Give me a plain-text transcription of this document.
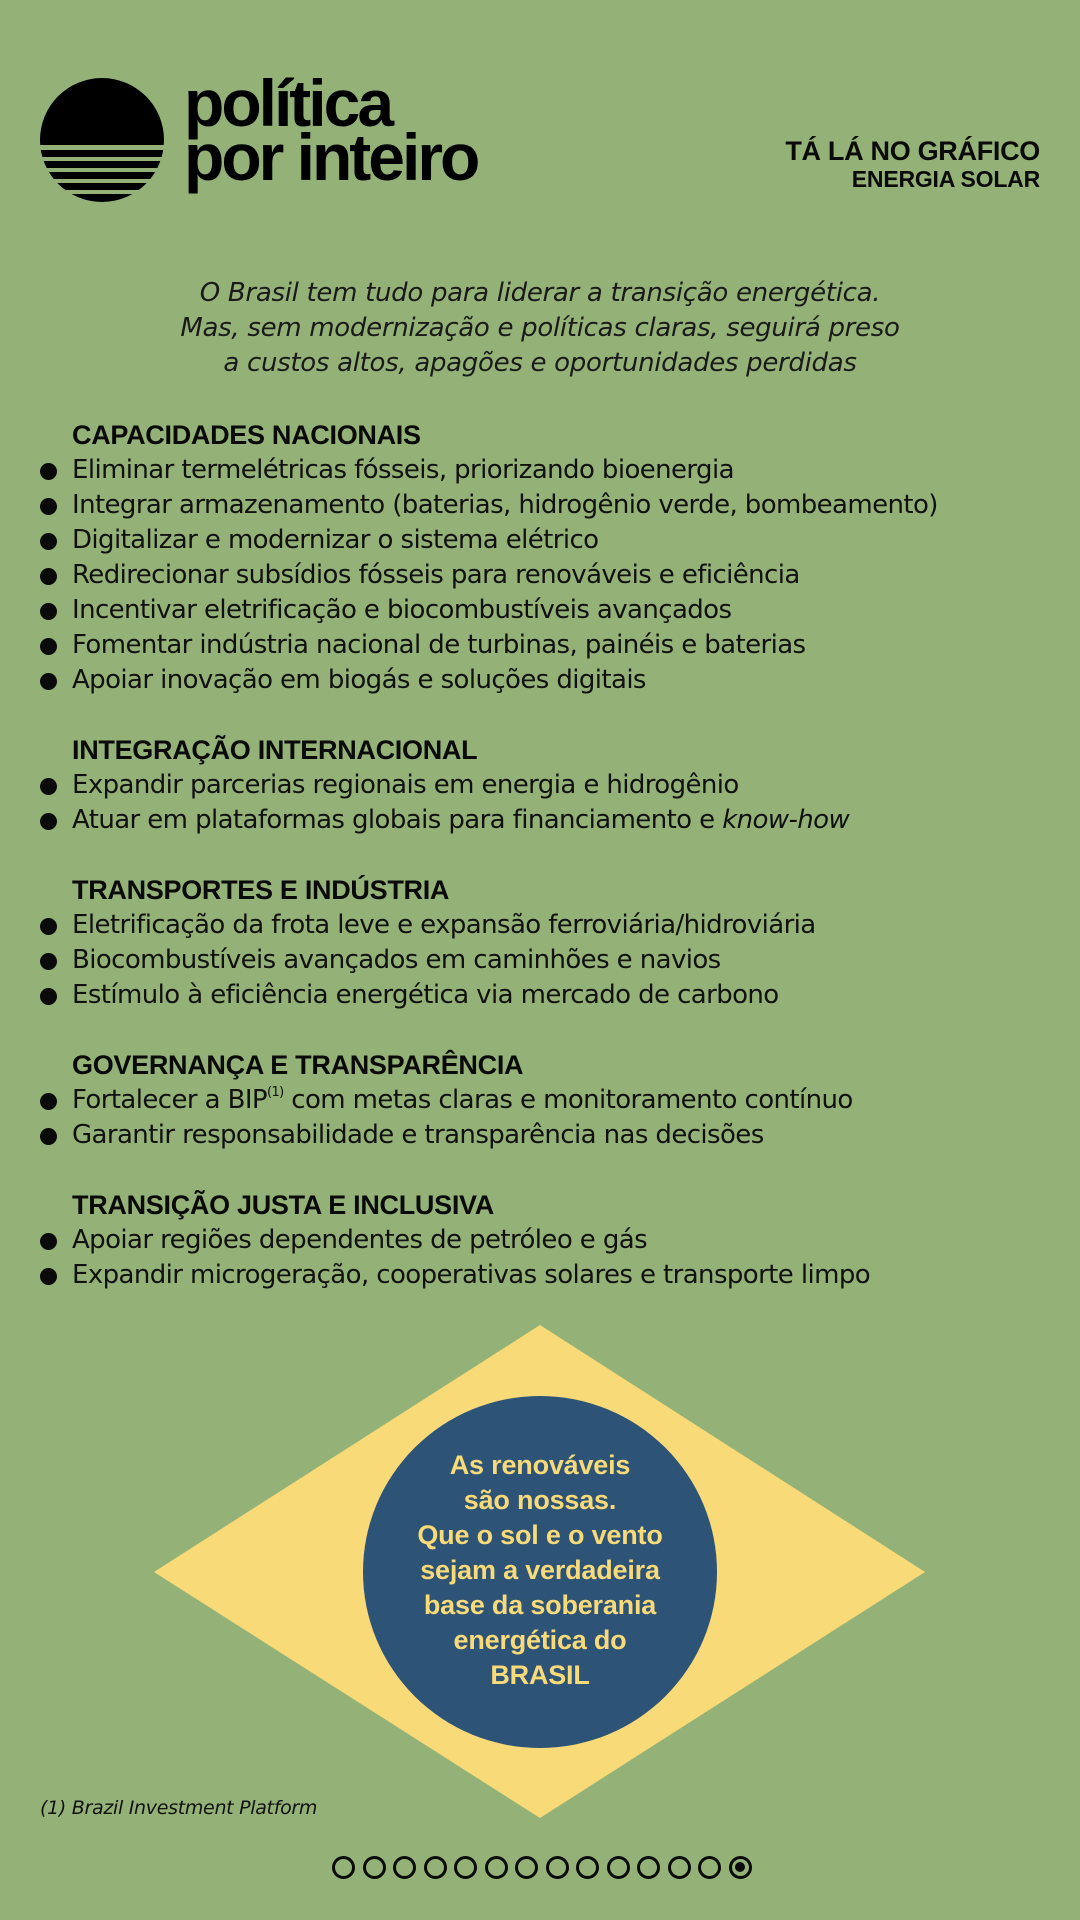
política
por inteiro	TÁ LÁ NO GRÁFICO
ENERGIA SOLAR
O Brasil tem tudo para liderar a transição energética.
Mas, sem modernização e políticas claras, seguirá preso
a custos altos, apagões e oportunidades perdidas
CAPACIDADES NACIONAIS
Eliminar termelétricas fósseis, priorizando bioenergia
Integrar armazenamento (baterias, hidrogênio verde, bombeamento)
Digitalizar e modernizar o sistema elétrico
Redirecionar subsídios fósseis para renováveis e eficiência
Incentivar eletrificação e biocombustíveis avançados
Fomentar indústria nacional de turbinas, painéis e baterias
Apoiar inovação em biogás e soluções digitais
INTEGRAÇÃO INTERNACIONAL
Expandir parcerias regionais em energia e hidrogênio
Atuar em plataformas globais para financiamento e know-how
TRANSPORTES E INDÚSTRIA
Eletrificação da frota leve e expansão ferroviária/hidroviária
Biocombustíveis avançados em caminhões e navios
Estímulo à eficiência energética via mercado de carbono
GOVERNANÇA E TRANSPARÊNCIA
Fortalecer a BIP$^{(1)}$ com metas claras e monitoramento contínuo
Garantir responsabilidade e transparência nas decisões
TRANSIÇÃO JUSTA E INCLUSIVA
Apoiar regiões dependentes de petróleo e gás
Expandir microgeração, cooperativas solares e transporte limpo
As renováveis
são nossas.
Que o sol e o vento
sejam a verdadeira
base da soberania
energética do
BRASIL
(1) Brazil Investment Platform
